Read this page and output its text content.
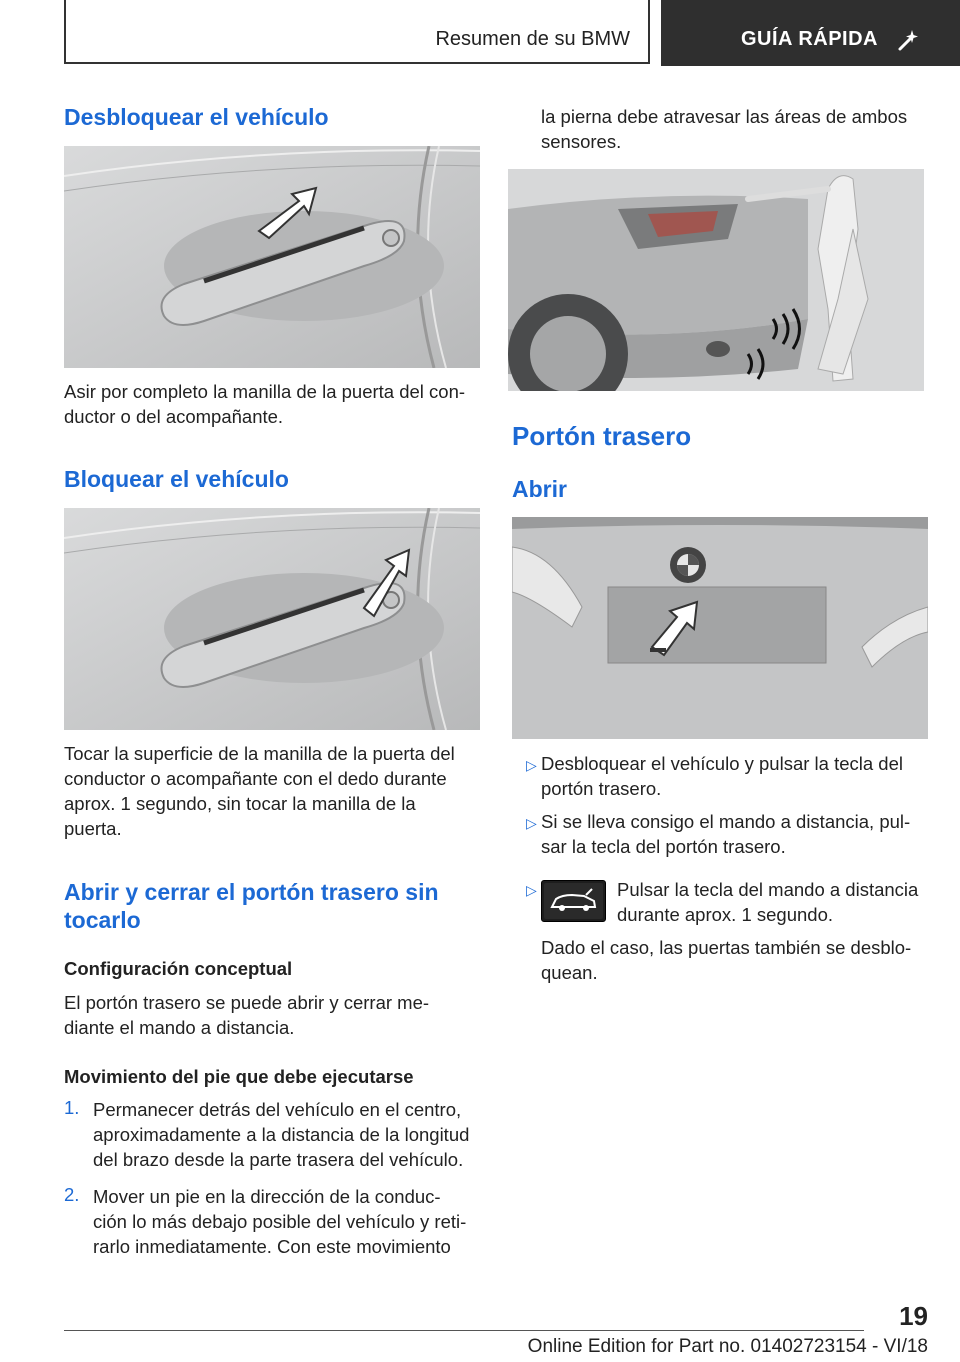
Resumen de su BMW	GUÍA RÁPIDA
Desbloquear el vehículo

Asir por completo la manilla de la puerta del con-
ductor o del acompañante.

Bloquear el vehículo

Tocar la superficie de la manilla de la puerta del
conductor o acompañante con el dedo durante
aprox. 1 segundo, sin tocar la manilla de la
puerta.

Abrir y cerrar el portón trasero sin
tocarlo
Configuración conceptual

El portón trasero se puede abrir y cerrar me-
diante el mando a distancia.

Movimiento del pie que debe ejecutarse
1. Permanecer detrás del vehículo en el centro,
aproximadamente a la distancia de la longitud
del brazo desde la parte trasera del vehículo.

2. Mover un pie en la dirección de la conduc-
ción lo más debajo posible del vehículo y reti-
rarlo inmediatamente. Con este movimiento

la pierna debe atravesar las áreas de ambos
sensores.

Portón trasero
Abrir
▷ Desbloquear el vehículo y pulsar la tecla del
portón trasero.

▷ Si se lleva consigo el mando a distancia, pul-
sar la tecla del portón trasero.

▷	Pulsar la tecla del mando a distancia
durante aprox. 1 segundo.

Dado el caso, las puertas también se desblo-
quean.

19
Online Edition for Part no. 01402723154 - VI/18
